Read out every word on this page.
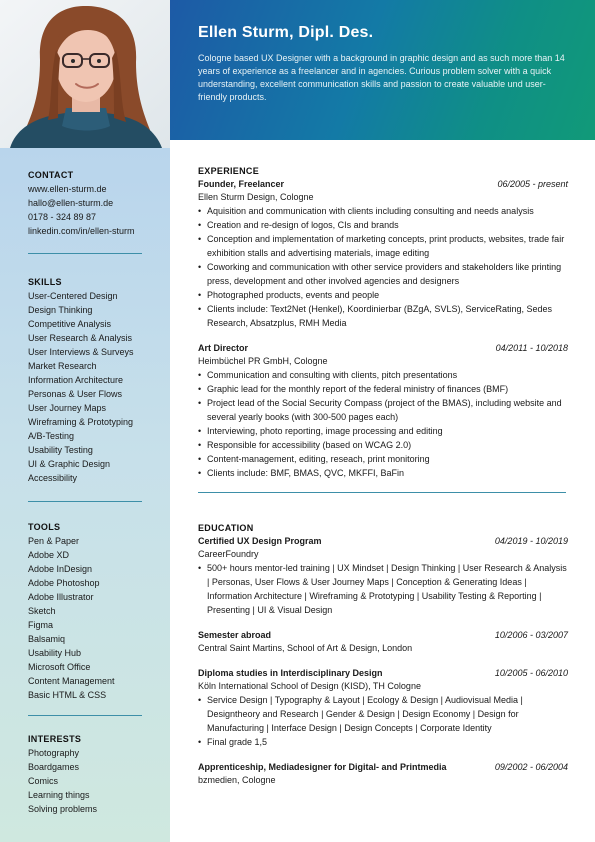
Ellen Sturm, Dipl. Des.

Cologne based UX Designer with a background in graphic design and as such more than 14 years of experience as a freelancer and in agencies. Curious problem solver with a quick understanding, excellent communication skills and passion to create valuable und user-friendly products.

CONTACT
www.ellen-sturm.de
hallo@ellen-sturm.de
0178 - 324 89 87
linkedin.com/in/ellen-sturm
SKILLS
User-Centered Design
Design Thinking
Competitive Analysis
User Research & Analysis
User Interviews & Surveys
Market Research
Information Architecture
Personas & User Flows
User Journey Maps
Wireframing & Prototyping
A/B-Testing
Usability Testing
UI & Graphic Design
Accessibility
TOOLS
Pen & Paper
Adobe XD
Adobe InDesign
Adobe Photoshop
Adobe Illustrator
Sketch
Figma
Balsamiq
Usability Hub
Microsoft Office
Content Management
Basic HTML & CSS
INTERESTS
Photography
Boardgames
Comics
Learning things
Solving problems
EXPERIENCE
Founder, Freelancer	06/2005 - present
Ellen Sturm Design, Cologne
• Aquisition and communication with clients including consulting and needs analysis
• Creation and re-design of logos, CIs and brands
• Conception and implementation of marketing concepts, print products, websites, trade fair exhibition stalls and advertising materials, image editing
• Coworking and communication with other service providers and stakeholders like printing press, development and other involved agencies and designers
• Photographed products, events and people
• Clients include: Text2Net (Henkel), Koordinierbar (BZgA, SVLS), ServiceRating, Sedes Research, Absatzplus, RMH Media
Art Director	04/2011 - 10/2018
Heimbüchel PR GmbH, Cologne
• Communication and consulting with clients, pitch presentations
• Graphic lead for the monthly report of the federal ministry of finances (BMF)
• Project lead of the Social Security Compass (project of the BMAS), including website and several yearly books (with 300-500 pages each)
• Interviewing, photo reporting, image processing and editing
• Responsible for accessibility (based on WCAG 2.0)
• Content-management, editing, reseach, print monitoring
• Clients include: BMF, BMAS, QVC, MKFFI, BaFin
EDUCATION
Certified UX Design Program	04/2019 - 10/2019
CareerFoundry
• 500+ hours mentor-led training | UX Mindset | Design Thinking | User Research & Analysis | Personas, User Flows & User Journey Maps | Conception & Generating Ideas | Information Architecture | Wireframing & Prototyping | Usability Testing & Reporting | Presenting | UI & Visual Design
Semester abroad	10/2006 - 03/2007
Central Saint Martins, School of Art & Design, London
Diploma studies in Interdisciplinary Design	10/2005 - 06/2010
Köln International School of Design (KISD), TH Cologne
• Service Design | Typography & Layout | Ecology & Design | Audiovisual Media | Designtheory and Research | Gender & Design | Design Economy | Design for Manufacturing | Interface Design | Design Concepts | Corporate Identity
• Final grade 1,5
Apprenticeship, Mediadesigner for Digital- and Printmedia	09/2002 - 06/2004
bzmedien, Cologne
